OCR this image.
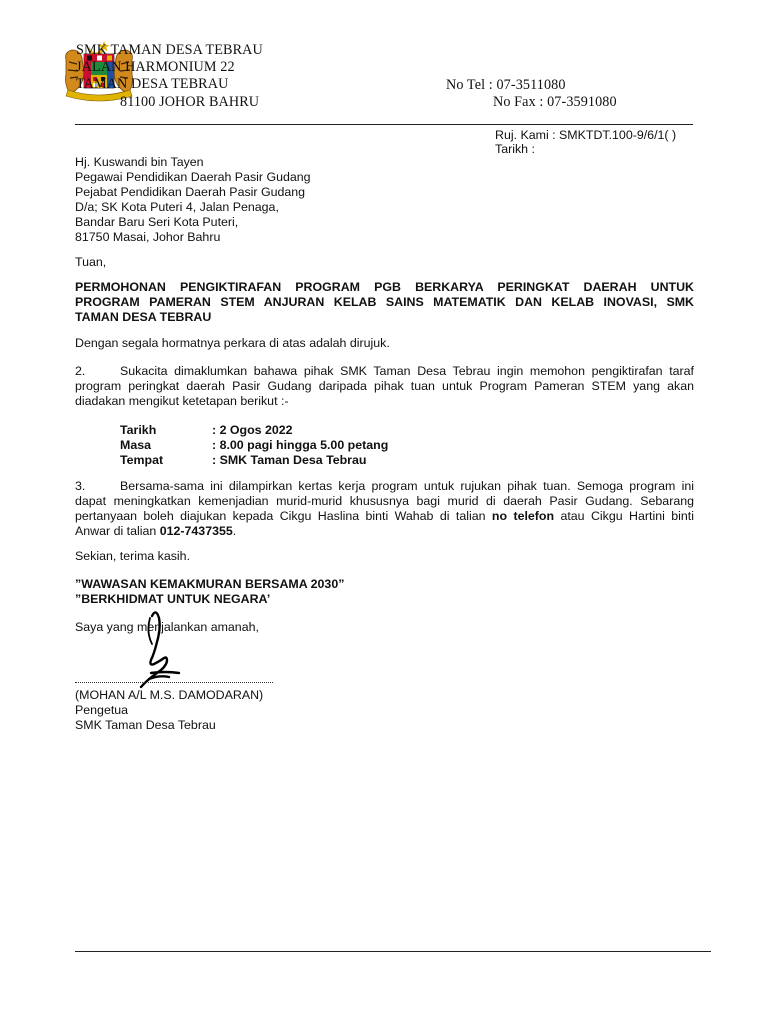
SMK TAMAN DESA TEBRAU
JALAN HARMONIUM 22
TAMAN DESA TEBRAU
81100 JOHOR BAHRU
No Tel : 07-3511080
No Fax : 07-3591080
Ruj. Kami : SMKTDT.100-9/6/1( )
Tarikh :
Hj. Kuswandi bin Tayen
Pegawai Pendidikan Daerah Pasir Gudang
Pejabat Pendidikan Daerah Pasir Gudang
D/a; SK Kota Puteri 4, Jalan Penaga,
Bandar Baru Seri Kota Puteri,
81750 Masai, Johor Bahru
Tuan,
PERMOHONAN PENGIKTIRAFAN PROGRAM PGB BERKARYA PERINGKAT DAERAH UNTUK
PROGRAM PAMERAN STEM ANJURAN KELAB SAINS MATEMATIK DAN KELAB INOVASI, SMK
TAMAN DESA TEBRAU
Dengan segala hormatnya perkara di atas adalah dirujuk.
2.	Sukacita dimaklumkan bahawa pihak SMK Taman Desa Tebrau ingin memohon pengiktirafan taraf
program peringkat daerah Pasir Gudang daripada pihak tuan untuk Program Pameran STEM yang akan
diadakan mengikut ketetapan berikut :-
Tarikh	: 2 Ogos 2022
Masa	: 8.00 pagi hingga 5.00 petang
Tempat	: SMK Taman Desa Tebrau
3.	Bersama-sama ini dilampirkan kertas kerja program untuk rujukan pihak tuan. Semoga program ini
dapat meningkatkan kemenjadian murid-murid khususnya bagi murid di daerah Pasir Gudang. Sebarang
pertanyaan boleh diajukan kepada Cikgu Haslina binti Wahab di talian no telefon atau Cikgu Hartini binti
Anwar di talian 012-7437355.
Sekian, terima kasih.
”WAWASAN KEMAKMURAN BERSAMA 2030”
”BERKHIDMAT UNTUK NEGARA’
Saya yang menjalankan amanah,
(MOHAN A/L M.S. DAMODARAN)
Pengetua
SMK Taman Desa Tebrau
